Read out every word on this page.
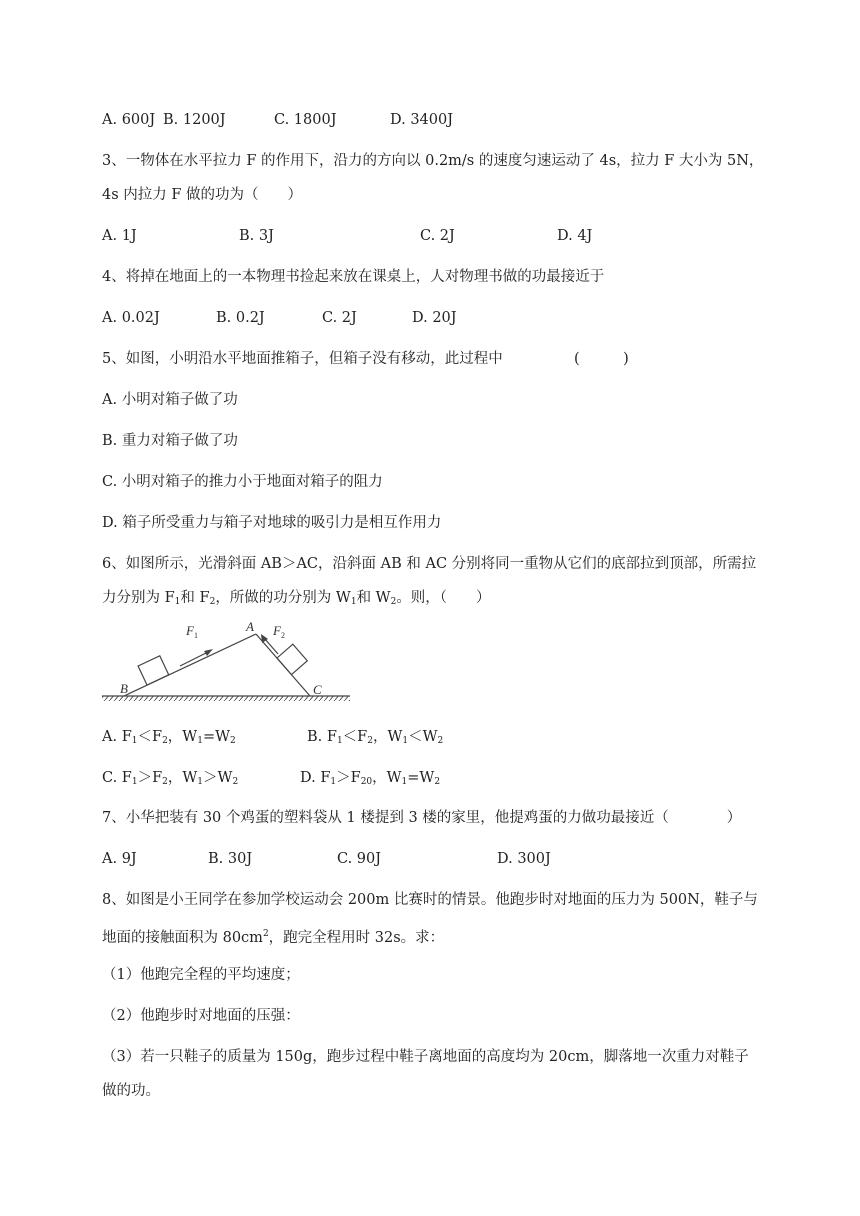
A. 600J B. 1200J	C. 1800J	D. 3400J
3、一物体在水平拉力 F 的作用下，沿力的方向以 0.2m/s 的速度匀速运动了 4s，拉力 F 大小为 5N，
4s 内拉力 F 做的功为（　　）
A. 1J	B. 3J	C. 2J	D. 4J
4、将掉在地面上的一本物理书捡起来放在课桌上，人对物理书做的功最接近于
A. 0.02J	B. 0.2J	C. 2J	D. 20J
5、如图，小明沿水平地面推箱子，但箱子没有移动，此过程中	(　　　)
A. 小明对箱子做了功
B. 重力对箱子做了功
C. 小明对箱子的推力小于地面对箱子的阻力
D. 箱子所受重力与箱子对地球的吸引力是相互作用力
6、如图所示，光滑斜面 AB＞AC，沿斜面 AB 和 AC 分别将同一重物从它们的底部拉到顶部，所需拉
力分别为 $F_1$和 $F_2$，所做的功分别为 $W_1$和 $W_2$。则，（　　）
A
B	C
F 1	F 2
A. $F_1<F_2$，$W_1=W_2$	B. $F_1<F_2$，$W_1<W_2$
C. $F_1>F_2$，$W_1>W_2$	D. $F_1>F_{20}$，$W_1=W_2$
7、小华把装有 30 个鸡蛋的塑料袋从 1 楼提到 3 楼的家里，他提鸡蛋的力做功最接近（　　　　）
A. 9J	B. 30J	C. 90J	D. 300J
8、如图是小王同学在参加学校运动会 200m 比赛时的情景。他跑步时对地面的压力为 500N，鞋子与
地面的接触面积为 $80cm^2$，跑完全程用时 32s。求：
（1）他跑完全程的平均速度；
（2）他跑步时对地面的压强：
（3）若一只鞋子的质量为 150g，跑步过程中鞋子离地面的高度均为 20cm，脚落地一次重力对鞋子
做的功。
